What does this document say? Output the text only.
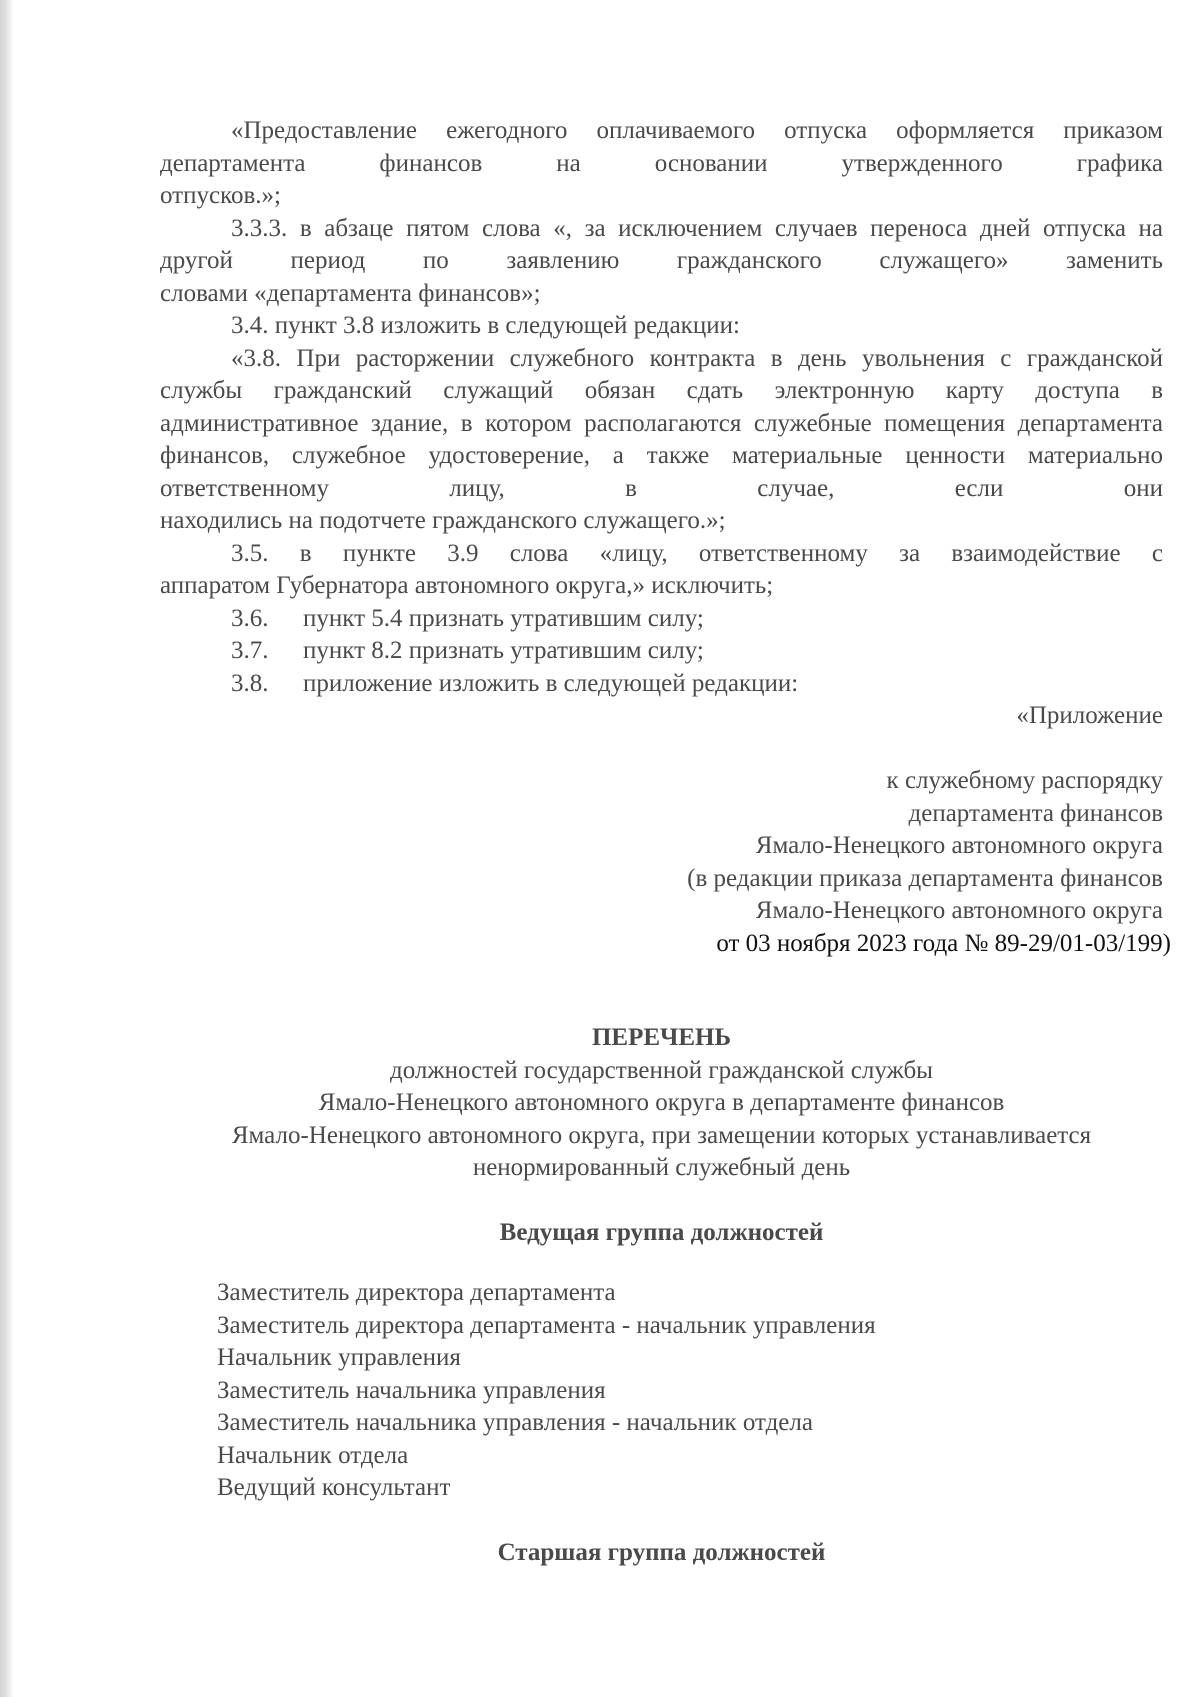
«Предоставление ежегодного оплачиваемого отпуска оформляется приказом департамента финансов на основании утвержденного графика

отпусков.»;

3.3.3. в абзаце пятом слова «, за исключением случаев переноса дней отпуска на другой период по заявлению гражданского служащего» заменить

словами «департамента финансов»;

3.4. пункт 3.8 изложить в следующей редакции:

«3.8. При расторжении служебного контракта в день увольнения с гражданской службы гражданский служащий обязан сдать электронную карту доступа в административное здание, в котором располагаются служебные помещения департамента финансов, служебное удостоверение, а также материальные ценности материально ответственному лицу, в случае, если они

находились на подотчете гражданского служащего.»;

3.5. в пункте 3.9 слова «лицу, ответственному за взаимодействие с

аппаратом Губернатора автономного округа,» исключить;

3.6.	пункт 5.4 признать утратившим силу;
3.7.	пункт 8.2 признать утратившим силу;
3.8.	приложение изложить в следующей редакции:

«Приложение

к служебному распорядку

департамента финансов

Ямало-Ненецкого автономного округа

(в редакции приказа департамента финансов

Ямало-Ненецкого автономного округа

от 03 ноября 2023 года № 89-29/01-03/199)

ПЕРЕЧЕНЬ

должностей государственной гражданской службы

Ямало-Ненецкого автономного округа в департаменте финансов

Ямало-Ненецкого автономного округа, при замещении которых устанавливается

ненормированный служебный день

Ведущая группа должностей

Заместитель директора департамента

Заместитель директора департамента - начальник управления

Начальник управления

Заместитель начальника управления

Заместитель начальника управления - начальник отдела

Начальник отдела

Ведущий консультант

Старшая группа должностей
